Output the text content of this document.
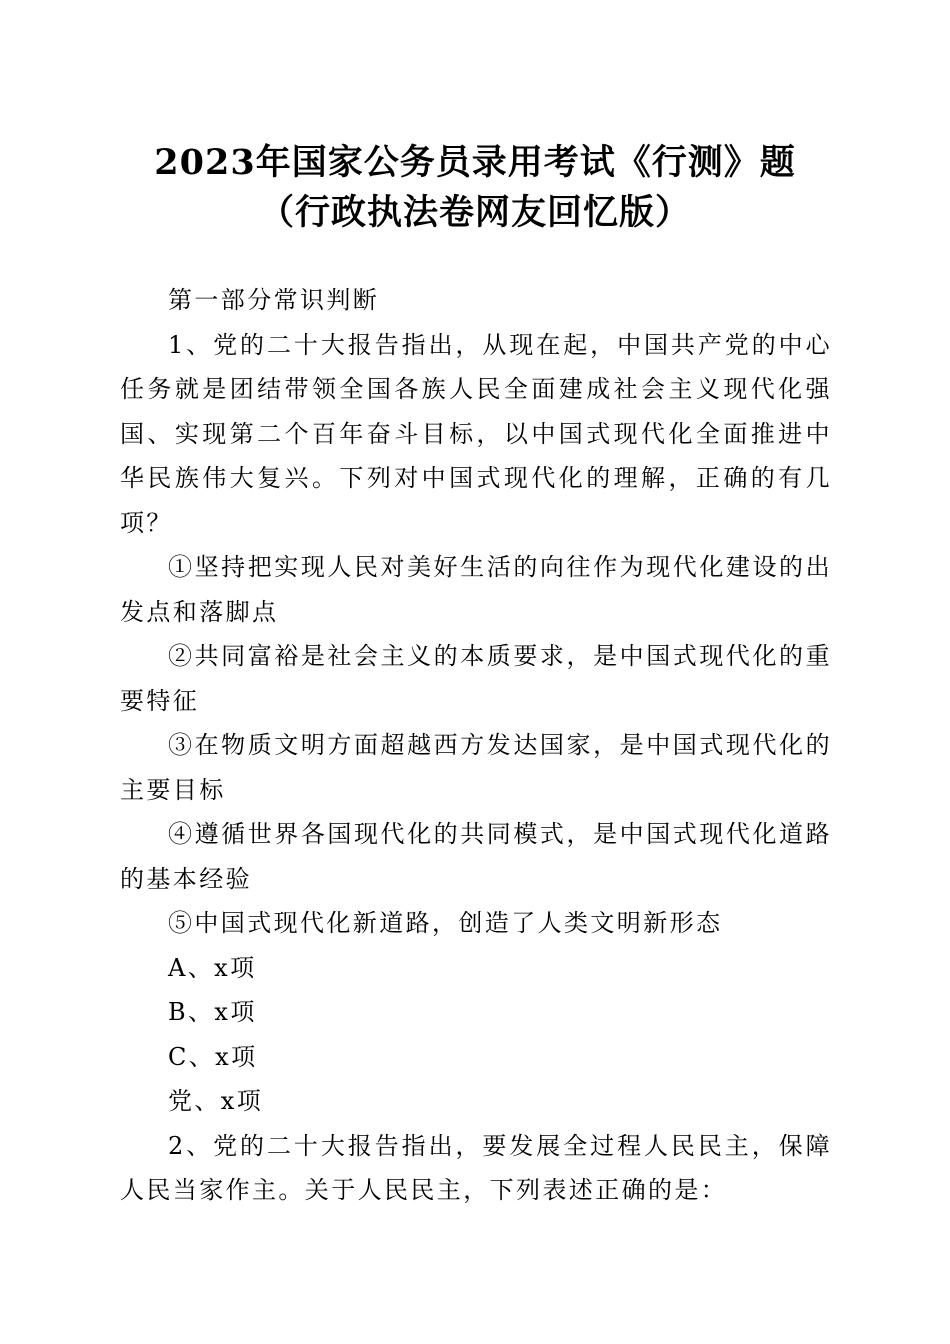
2023年国家公务员录用考试《行测》题（行政执法卷网友回忆版）

第一部分常识判断

1、党的二十大报告指出，从现在起，中国共产党的中心任务就是团结带领全国各族人民全面建成社会主义现代化强国、实现第二个百年奋斗目标，以中国式现代化全面推进中华民族伟大复兴。下列对中国式现代化的理解，正确的有几项？

①坚持把实现人民对美好生活的向往作为现代化建设的出发点和落脚点

②共同富裕是社会主义的本质要求，是中国式现代化的重要特征

③在物质文明方面超越西方发达国家，是中国式现代化的主要目标

④遵循世界各国现代化的共同模式，是中国式现代化道路的基本经验

⑤中国式现代化新道路，创造了人类文明新形态

A、x项

B、x项

C、x项

党、x项

2、党的二十大报告指出，要发展全过程人民民主，保障人民当家作主。关于人民民主，下列表述正确的是：
